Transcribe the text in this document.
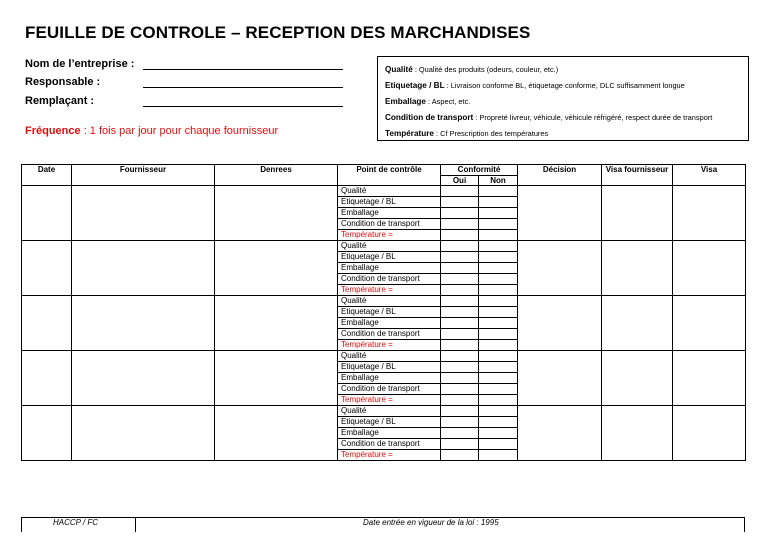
FEUILLE DE CONTROLE – RECEPTION DES MARCHANDISES
Nom de l’entreprise :
Responsable :
Remplaçant :
Fréquence : 1 fois par jour pour chaque fournisseur
Qualité : Qualité des produits (odeurs, couleur, etc.)
Etiquetage / BL : Livraison conforme BL, étiquetage conforme, DLC suffisamment longue
Emballage : Aspect, etc.
Condition de transport : Propreté livreur, véhicule, véhicule réfrigéré, respect durée de transport
Température : Cf Prescription des températures
Date	Fournisseur	Denrees	Point de contrôle	Conformité		Décision	Visa fournisseur	Visa
				Oui	Non			
			Qualité					
			Etiquetage / BL					
			Emballage					
			Condition de transport					
			Température =					
			Qualité					
			Etiquetage / BL					
			Emballage					
			Condition de transport					
			Température =					
			Qualité					
			Etiquetage / BL					
			Emballage					
			Condition de transport					
			Température =					
			Qualité					
			Etiquetage / BL					
			Emballage					
			Condition de transport					
			Température =					
			Qualité					
			Etiquetage / BL					
			Emballage					
			Condition de transport					
			Température =					
HACCP / FC	Date entrée en vigueur de la loi : 1995
